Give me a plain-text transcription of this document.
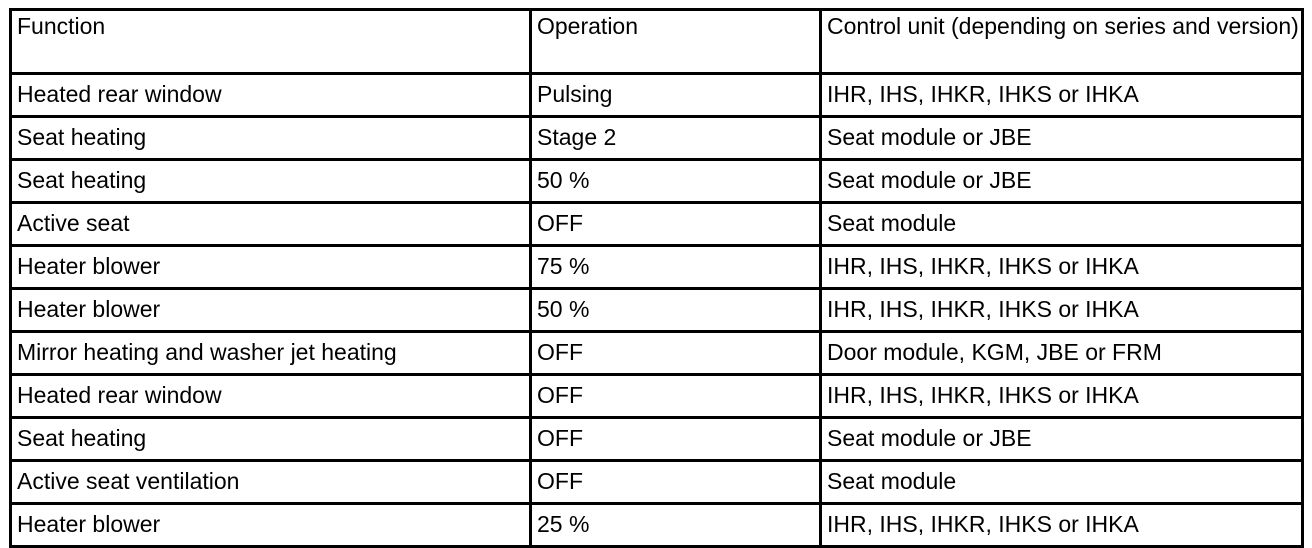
Function	Operation	Control unit (depending on series and version)
Heated rear window	Pulsing	IHR, IHS, IHKR, IHKS or IHKA
Seat heating	Stage 2	Seat module or JBE
Seat heating	50 %	Seat module or JBE
Active seat	OFF	Seat module
Heater blower	75 %	IHR, IHS, IHKR, IHKS or IHKA
Heater blower	50 %	IHR, IHS, IHKR, IHKS or IHKA
Mirror heating and washer jet heating	OFF	Door module, KGM, JBE or FRM
Heated rear window	OFF	IHR, IHS, IHKR, IHKS or IHKA
Seat heating	OFF	Seat module or JBE
Active seat ventilation	OFF	Seat module
Heater blower	25 %	IHR, IHS, IHKR, IHKS or IHKA
